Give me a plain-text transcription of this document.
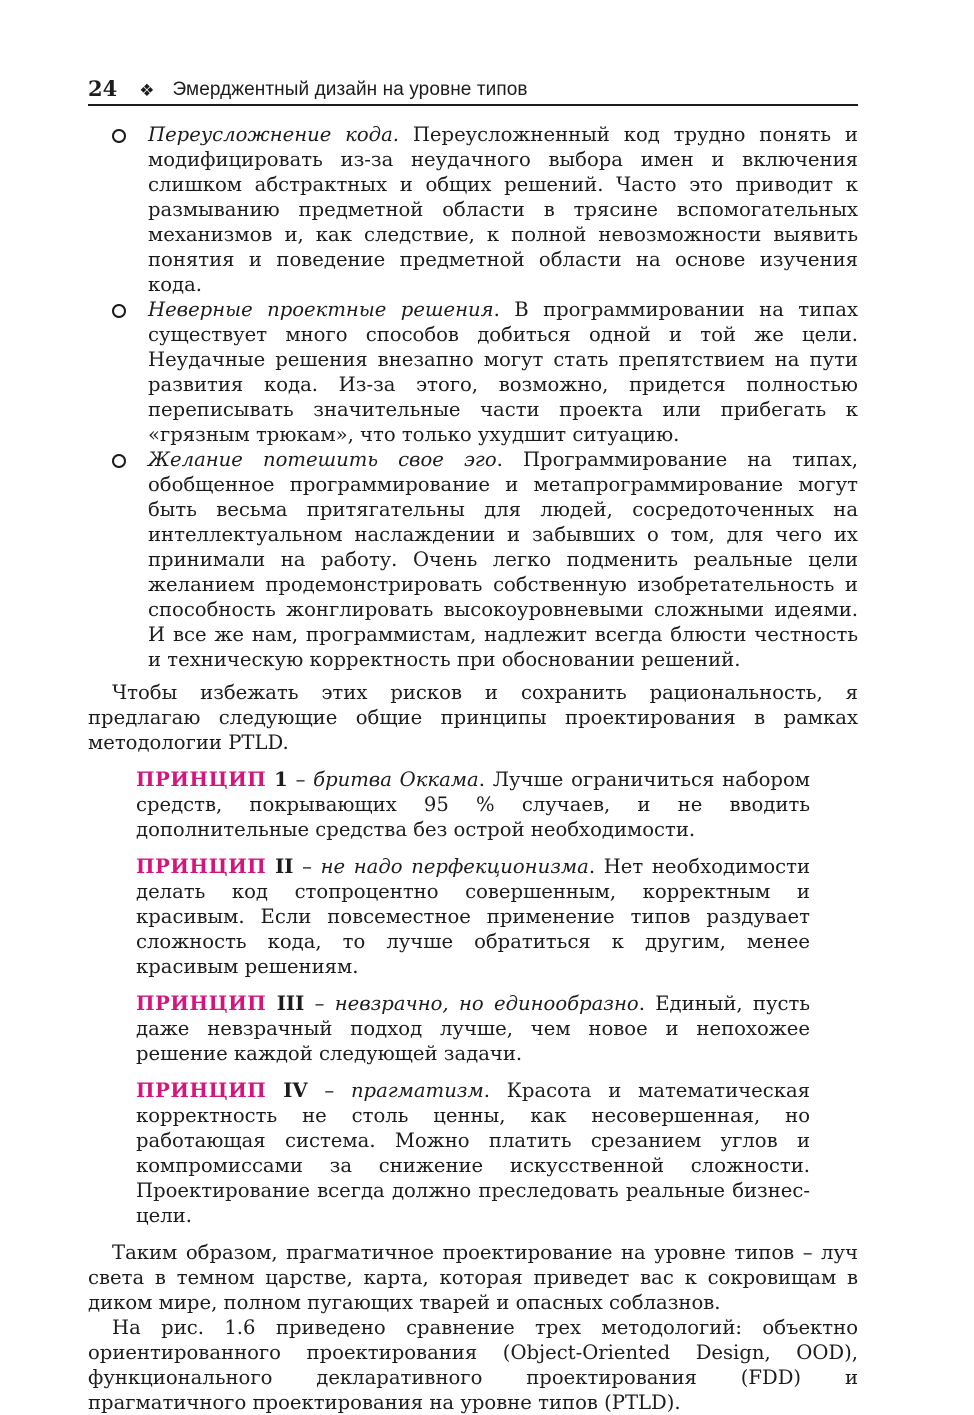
24 ❖ Эмерджентный дизайн на уровне типов
Переусложнение кода. Переусложненный код трудно понять и модифицировать из-за неудачного выбора имен и включения слишком абстрактных и общих решений. Часто это приводит к размыванию предметной области в трясине вспомогательных механизмов и, как следствие, к полной невозможности выявить понятия и поведение предметной области на основе изучения кода.
Неверные проектные решения. В программировании на типах существует много способов добиться одной и той же цели. Неудачные решения внезапно могут стать препятствием на пути развития кода. Из-за этого, возможно, придется полностью переписывать значительные части проекта или прибегать к «грязным трюкам», что только ухудшит ситуацию.
Желание потешить свое эго. Программирование на типах, обобщенное программирование и метапрограммирование могут быть весьма притягательны для людей, сосредоточенных на интеллектуальном наслаждении и забывших о том, для чего их принимали на работу. Очень легко подменить реальные цели желанием продемонстрировать собственную изобретательность и способность жонглировать высокоуровневыми сложными идеями. И все же нам, программистам, надлежит всегда блюсти честность и техническую корректность при обосновании решений.

Чтобы избежать этих рисков и сохранить рациональность, я предлагаю следующие общие принципы проектирования в рамках методологии PTLD.

ПРИНЦИП 1 – бритва Оккама. Лучше ограничиться набором средств, покрывающих 95 % случаев, и не вводить дополнительные средства без острой необходимости.

ПРИНЦИП II – не надо перфекционизма. Нет необходимости делать код стопроцентно совершенным, корректным и красивым. Если повсеместное применение типов раздувает сложность кода, то лучше обратиться к другим, менее красивым решениям.

ПРИНЦИП III – невзрачно, но единообразно. Единый, пусть даже невзрачный подход лучше, чем новое и непохожее решение каждой следующей задачи.

ПРИНЦИП IV – прагматизм. Красота и математическая корректность не столь ценны, как несовершенная, но работающая система. Можно платить срезанием углов и компромиссами за снижение искусственной сложности. Проектирование всегда должно преследовать реальные бизнес-цели.

Таким образом, прагматичное проектирование на уровне типов – луч света в темном царстве, карта, которая приведет вас к сокровищам в диком мире, полном пугающих тварей и опасных соблазнов.

На рис. 1.6 приведено сравнение трех методологий: объектно ориентированного проектирования (Object-Oriented Design, OOD), функционального декларативного проектирования (FDD) и прагматичного проектирования на уровне типов (PTLD).
